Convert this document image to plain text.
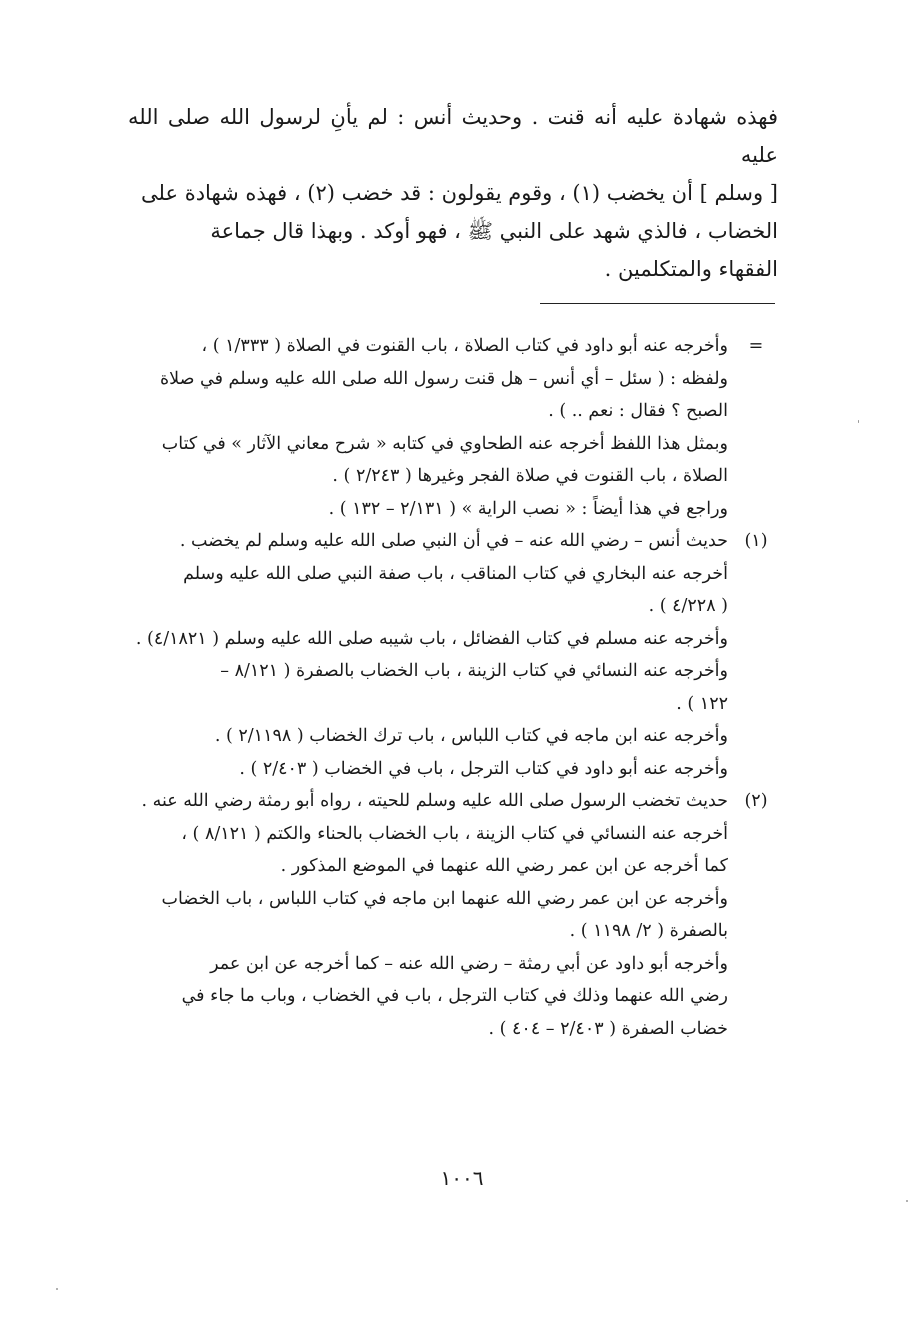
فهذه شهادة عليه أنه قنت . وحديث أنس : لم يأنِ لرسول الله صلى الله عليه

[ وسلم ] أن يخضب (١) ، وقوم يقولون : قد خضب (٢) ، فهذه شهادة على

الخضاب ، فالذي شهد على النبي ﷺ ، فهو أوكد . وبهذا قال جماعة

الفقهاء والمتكلمين .

=

وأخرجه عنه أبو داود في كتاب الصلاة ، باب القنوت في الصلاة ( ١/٣٣٣ ) ،

ولفظه : ( سئل – أي أنس – هل قنت رسول الله صلى الله عليه وسلم في صلاة

الصبح ؟ فقال : نعم .. ) .

وبمثل هذا اللفظ أخرجه عنه الطحاوي في كتابه « شرح معاني الآثار » في كتاب

الصلاة ، باب القنوت في صلاة الفجر وغيرها ( ٢/٢٤٣ ) .

وراجع في هذا أيضاً : « نصب الراية » ( ٢/١٣١ – ١٣٢ ) .

(١)

حديث أنس – رضي الله عنه – في أن النبي صلى الله عليه وسلم لم يخضب .

أخرجه عنه البخاري في كتاب المناقب ، باب صفة النبي صلى الله عليه وسلم

( ٤/٢٢٨ ) .

وأخرجه عنه مسلم في كتاب الفضائل ، باب شيبه صلى الله عليه وسلم ( ٤/١٨٢١) .

وأخرجه عنه النسائي في كتاب الزينة ، باب الخضاب بالصفرة ( ٨/١٢١ –

١٢٢ ) .

وأخرجه عنه ابن ماجه في كتاب اللباس ، باب ترك الخضاب ( ٢/١١٩٨ ) .

وأخرجه عنه أبو داود في كتاب الترجل ، باب في الخضاب ( ٢/٤٠٣ ) .

(٢)

حديث تخضب الرسول صلى الله عليه وسلم للحيته ، رواه أبو رمثة رضي الله عنه .

أخرجه عنه النسائي في كتاب الزينة ، باب الخضاب بالحناء والكتم ( ٨/١٢١ ) ،

كما أخرجه عن ابن عمر رضي الله عنهما في الموضع المذكور .

وأخرجه عن ابن عمر رضي الله عنهما ابن ماجه في كتاب اللباس ، باب الخضاب

بالصفرة ( ٢/ ١١٩٨ ) .

وأخرجه أبو داود عن أبي رمثة – رضي الله عنه – كما أخرجه عن ابن عمر

رضي الله عنهما وذلك في كتاب الترجل ، باب في الخضاب ، وباب ما جاء في

خضاب الصفرة ( ٢/٤٠٣ – ٤٠٤ ) .

١٠٠٦
